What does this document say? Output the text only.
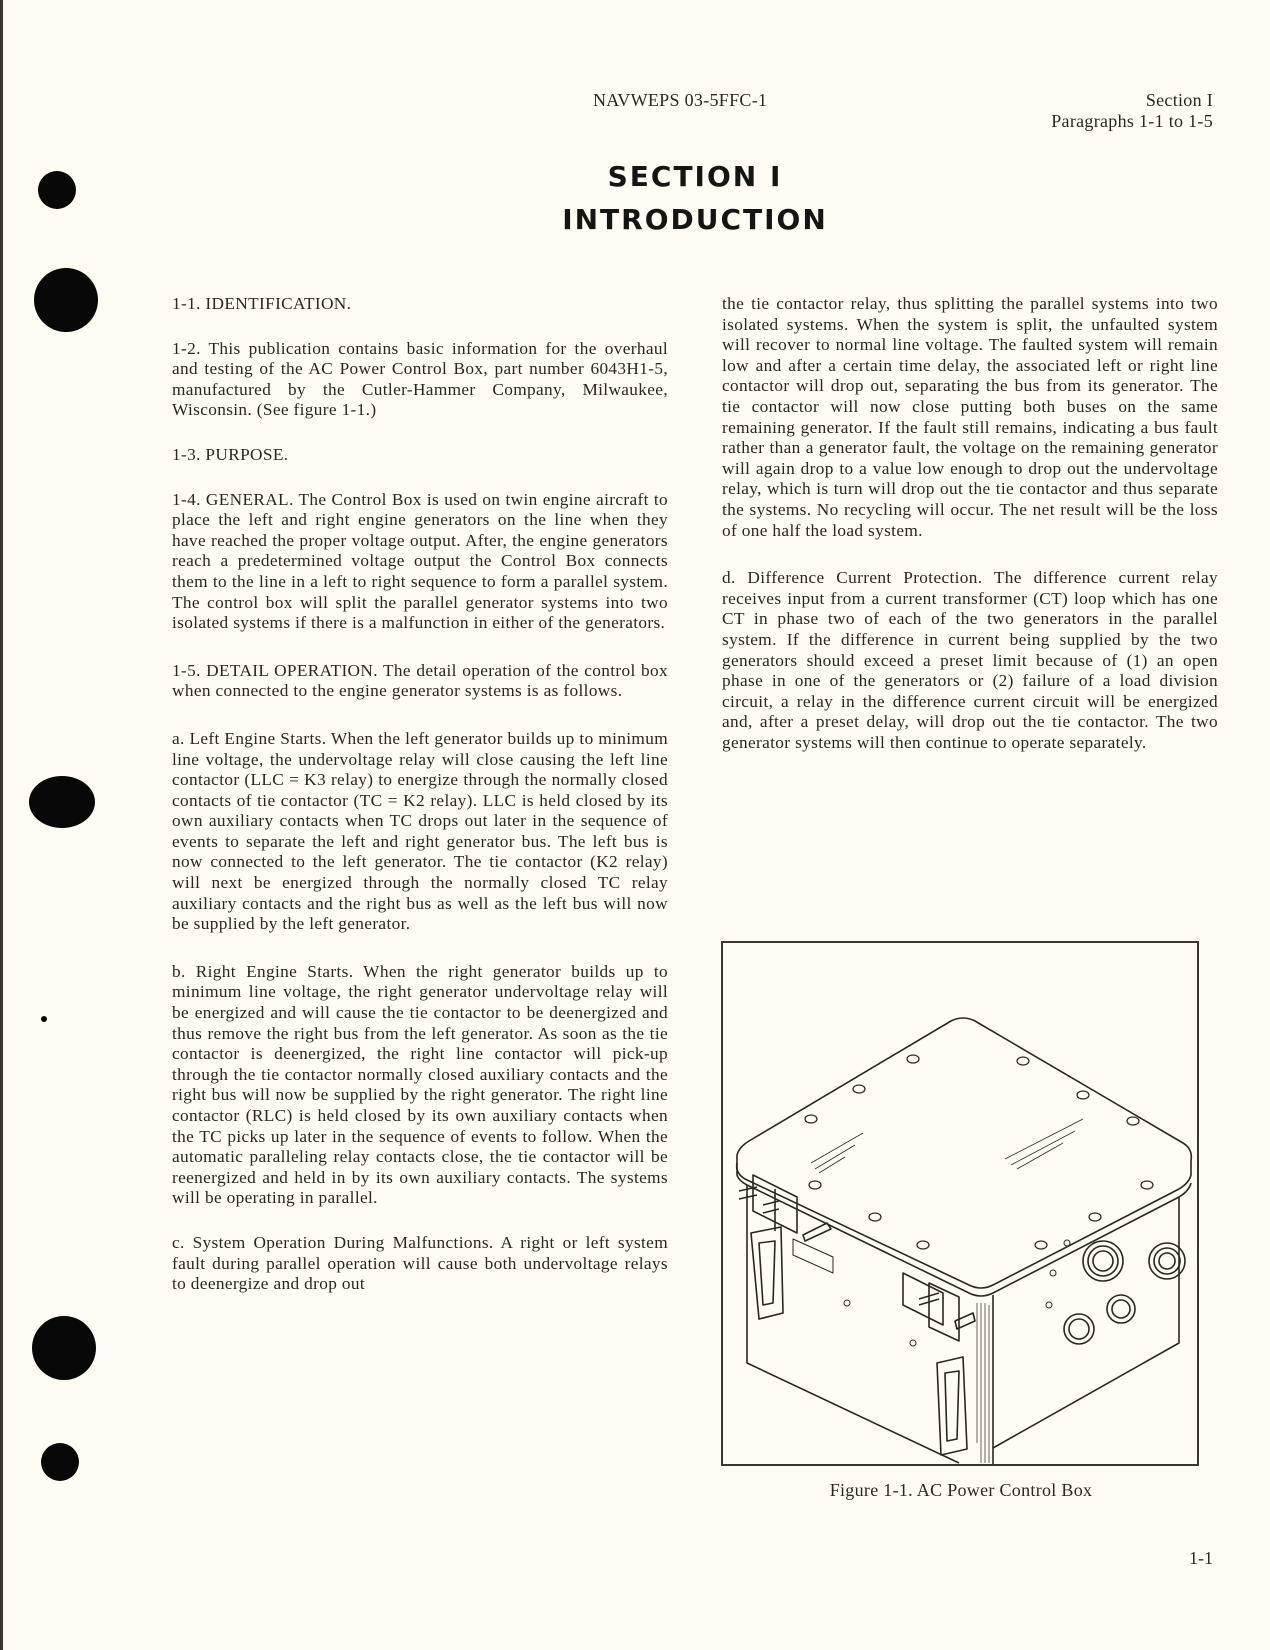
NAVWEPS 03-5FFC-1	Section I
Paragraphs 1-1 to 1-5
SECTION I
INTRODUCTION

1-1. IDENTIFICATION.

1-2. This publication contains basic information for the overhaul and testing of the AC Power Control Box, part number 6043H1-5, manufactured by the Cutler-Hammer Company, Milwaukee, Wisconsin. (See figure 1-1.)

1-3. PURPOSE.

1-4. GENERAL. The Control Box is used on twin engine aircraft to place the left and right engine generators on the line when they have reached the proper voltage output. After, the engine generators reach a predetermined voltage output the Control Box connects them to the line in a left to right sequence to form a parallel system. The control box will split the parallel generator systems into two isolated systems if there is a malfunction in either of the generators.

1-5. DETAIL OPERATION. The detail operation of the control box when connected to the engine generator systems is as follows.

a. Left Engine Starts. When the left generator builds up to minimum line voltage, the undervoltage relay will close causing the left line contactor (LLC = K3 relay) to energize through the normally closed contacts of tie contactor (TC = K2 relay). LLC is held closed by its own auxiliary contacts when TC drops out later in the sequence of events to separate the left and right generator bus. The left bus is now connected to the left generator. The tie contactor (K2 relay) will next be energized through the normally closed TC relay auxiliary contacts and the right bus as well as the left bus will now be supplied by the left generator.

b. Right Engine Starts. When the right generator builds up to minimum line voltage, the right generator undervoltage relay will be energized and will cause the tie contactor to be deenergized and thus remove the right bus from the left generator. As soon as the tie contactor is deenergized, the right line contactor will pick-up through the tie contactor normally closed auxiliary contacts and the right bus will now be supplied by the right generator. The right line contactor (RLC) is held closed by its own auxiliary contacts when the TC picks up later in the sequence of events to follow. When the automatic paralleling relay contacts close, the tie contactor will be reenergized and held in by its own auxiliary contacts. The systems will be operating in parallel.

c. System Operation During Malfunctions. A right or left system fault during parallel operation will cause both undervoltage relays to deenergize and drop out

the tie contactor relay, thus splitting the parallel systems into two isolated systems. When the system is split, the unfaulted system will recover to normal line voltage. The faulted system will remain low and after a certain time delay, the associated left or right line contactor will drop out, separating the bus from its generator. The tie contactor will now close putting both buses on the same remaining generator. If the fault still remains, indicating a bus fault rather than a generator fault, the voltage on the remaining generator will again drop to a value low enough to drop out the undervoltage relay, which is turn will drop out the tie contactor and thus separate the systems. No recycling will occur. The net result will be the loss of one half the load system.

d. Difference Current Protection. The difference current relay receives input from a current transformer (CT) loop which has one CT in phase two of each of the two generators in the parallel system. If the difference in current being supplied by the two generators should exceed a preset limit because of (1) an open phase in one of the generators or (2) failure of a load division circuit, a relay in the difference current circuit will be energized and, after a preset delay, will drop out the tie contactor. The two generator systems will then continue to operate separately.

Figure 1-1. AC Power Control Box
1-1
